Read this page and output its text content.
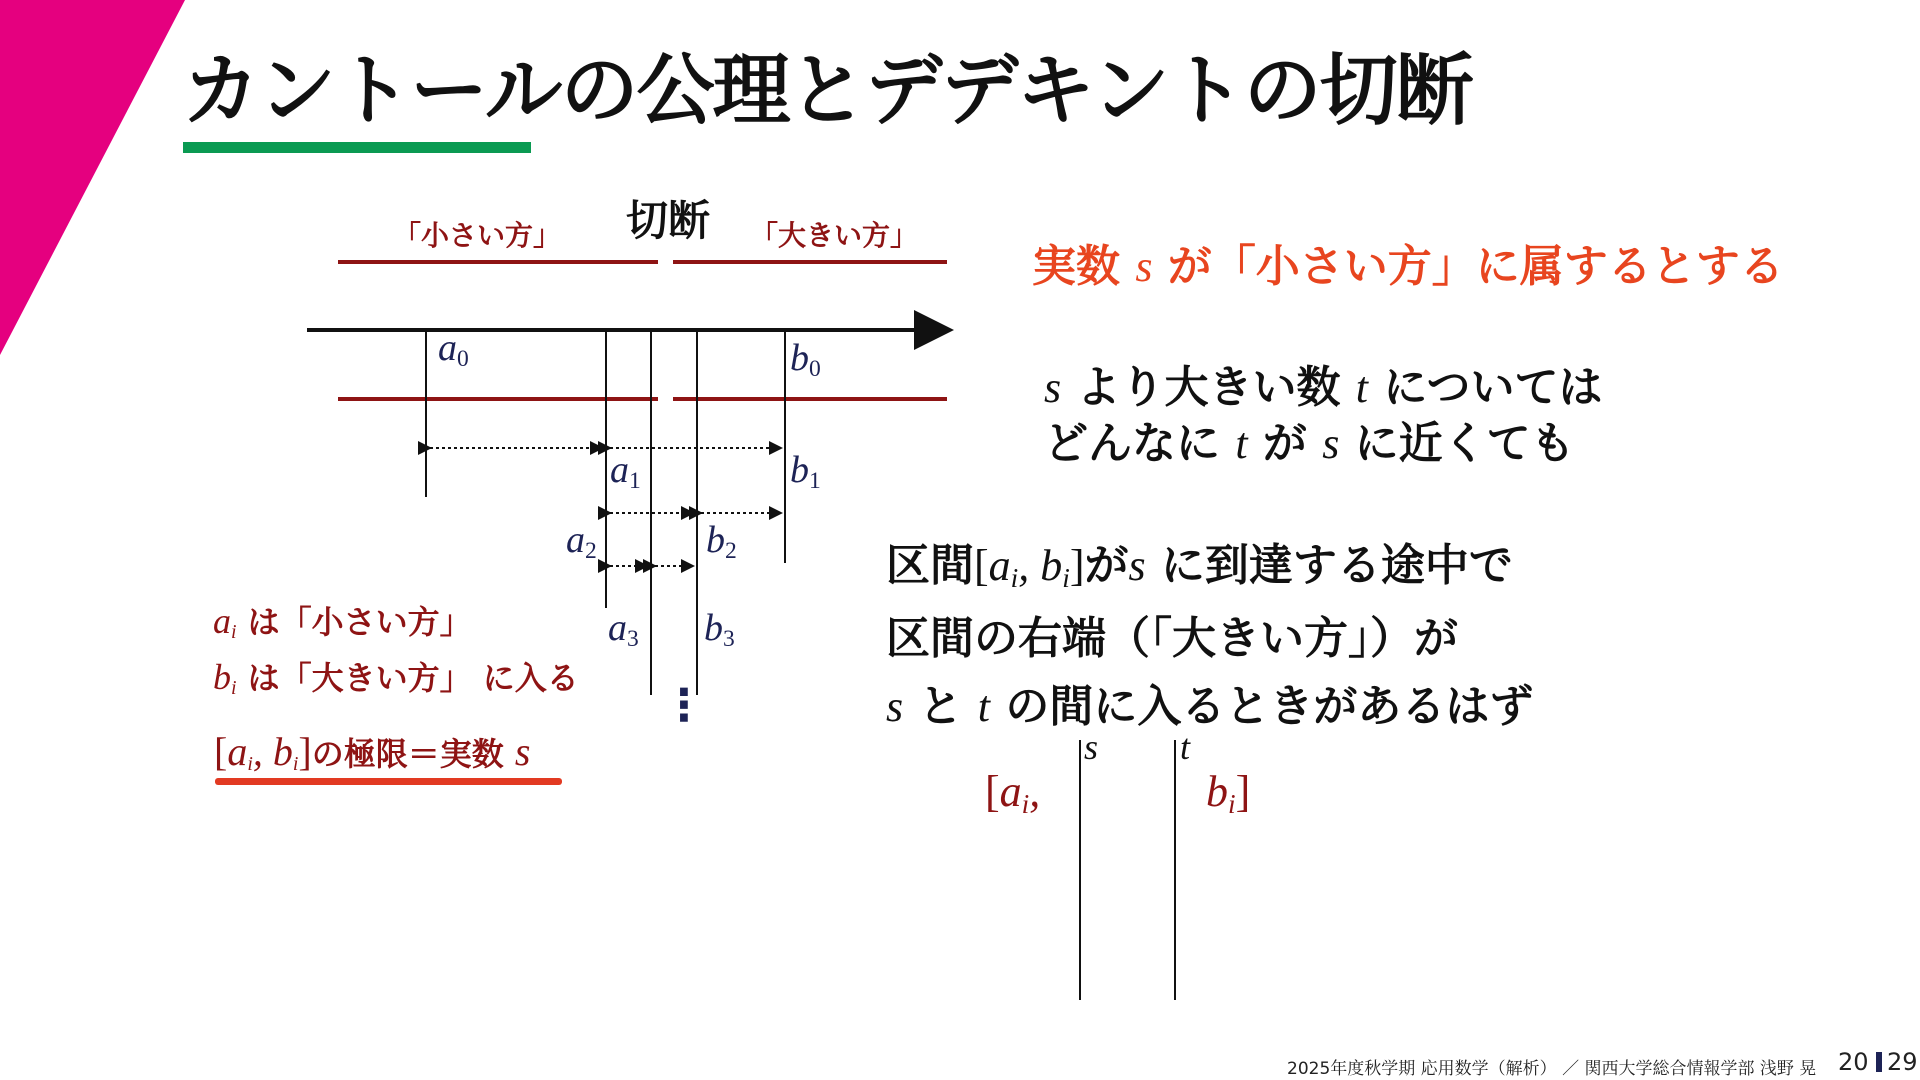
カントールの公理とデデキントの切断
「小さい方」 切断 「大きい方」
a0	b0
a1	b1
a2	b2
a3 b3
⋮
ai は「小さい方」
bi は「大きい方」 に入る
[ai, bi]の極限＝実数 s
実数 s が「小さい方」に属するとする
s より大きい数 t については
どんなに t が s に近くても
区間[ai, bi]がs に到達する途中で
区間の右端（「大きい方」）が
s と t の間に入るときがあるはず
s t
[ai,	bi]
2025年度秋学期 応用数学（解析） ／ 関西大学総合情報学部 浅野 晃 20 29
